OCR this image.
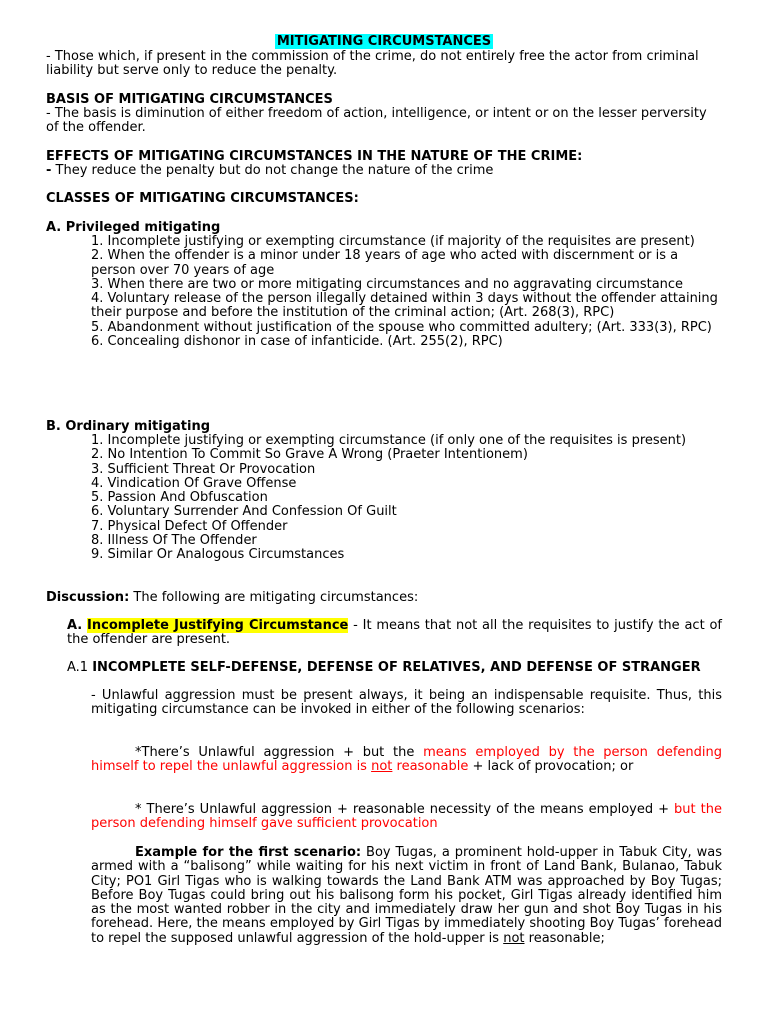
MITIGATING CIRCUMSTANCES

- Those which, if present in the commission of the crime, do not entirely free the actor from criminal liability but serve only to reduce the penalty.

BASIS OF MITIGATING CIRCUMSTANCES

- The basis is diminution of either freedom of action, intelligence, or intent or on the lesser perversity of the offender.

EFFECTS OF MITIGATING CIRCUMSTANCES IN THE NATURE OF THE CRIME:

- They reduce the penalty but do not change the nature of the crime

CLASSES OF MITIGATING CIRCUMSTANCES:

A. Privileged mitigating

1. Incomplete justifying or exempting circumstance (if majority of the requisites are present)
2. When the offender is a minor under 18 years of age who acted with discernment or is a person over 70 years of age
3. When there are two or more mitigating circumstances and no aggravating circumstance
4. Voluntary release of the person illegally detained within 3 days without the offender attaining their purpose and before the institution of the criminal action; (Art. 268(3), RPC)
5. Abandonment without justification of the spouse who committed adultery; (Art. 333(3), RPC)
6. Concealing dishonor in case of infanticide. (Art. 255(2), RPC)

B. Ordinary mitigating

1. Incomplete justifying or exempting circumstance (if only one of the requisites is present)
2. No Intention To Commit So Grave A Wrong (Praeter Intentionem)
3. Sufficient Threat Or Provocation
4. Vindication Of Grave Offense
5. Passion And Obfuscation
6. Voluntary Surrender And Confession Of Guilt
7. Physical Defect Of Offender
8. Illness Of The Offender
9. Similar Or Analogous Circumstances

Discussion: The following are mitigating circumstances:

A. Incomplete Justifying Circumstance - It means that not all the requisites to justify the act of the offender are present.

A.1 INCOMPLETE SELF-DEFENSE, DEFENSE OF RELATIVES, AND DEFENSE OF STRANGER

- Unlawful aggression must be present always, it being an indispensable requisite. Thus, this mitigating circumstance can be invoked in either of the following scenarios:

*There’s Unlawful aggression + but the means employed by the person defending himself to repel the unlawful aggression is not reasonable + lack of provocation; or

* There’s Unlawful aggression + reasonable necessity of the means employed + but the person defending himself gave sufficient provocation

Example for the first scenario: Boy Tugas, a prominent hold-upper in Tabuk City, was armed with a “balisong” while waiting for his next victim in front of Land Bank, Bulanao, Tabuk City; PO1 Girl Tigas who is walking towards the Land Bank ATM was approached by Boy Tugas; Before Boy Tugas could bring out his balisong form his pocket, Girl Tigas already identified him as the most wanted robber in the city and immediately draw her gun and shot Boy Tugas in his forehead. Here, the means employed by Girl Tigas by immediately shooting Boy Tugas’ forehead to repel the supposed unlawful aggression of the hold-upper is not reasonable;
